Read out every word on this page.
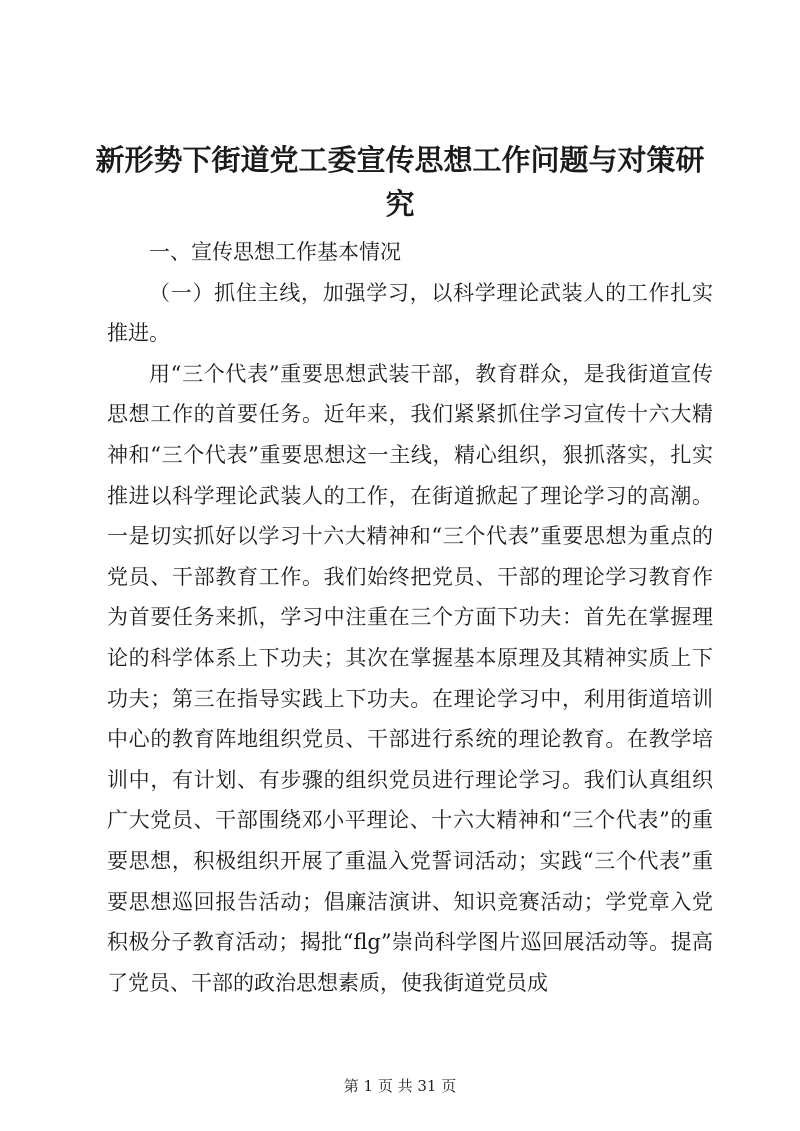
新形势下街道党工委宣传思想工作问题与对策研究

一、宣传思想工作基本情况

（一）抓住主线，加强学习，以科学理论武装人的工作扎实推进。

用“三个代表”重要思想武装干部，教育群众，是我街道宣传思想工作的首要任务。近年来，我们紧紧抓住学习宣传十六大精神和“三个代表”重要思想这一主线，精心组织，狠抓落实，扎实推进以科学理论武装人的工作，在街道掀起了理论学习的高潮。一是切实抓好以学习十六大精神和“三个代表”重要思想为重点的党员、干部教育工作。我们始终把党员、干部的理论学习教育作为首要任务来抓，学习中注重在三个方面下功夫：首先在掌握理论的科学体系上下功夫；其次在掌握基本原理及其精神实质上下功夫；第三在指导实践上下功夫。在理论学习中，利用街道培训中心的教育阵地组织党员、干部进行系统的理论教育。在教学培训中，有计划、有步骤的组织党员进行理论学习。我们认真组织广大党员、干部围绕邓小平理论、十六大精神和“三个代表”的重要思想，积极组织开展了重温入党誓词活动；实践“三个代表”重要思想巡回报告活动；倡廉洁演讲、知识竞赛活动；学党章入党积极分子教育活动；揭批“flg”崇尚科学图片巡回展活动等。提高了党员、干部的政治思想素质，使我街道党员成

第 1 页 共 31 页
